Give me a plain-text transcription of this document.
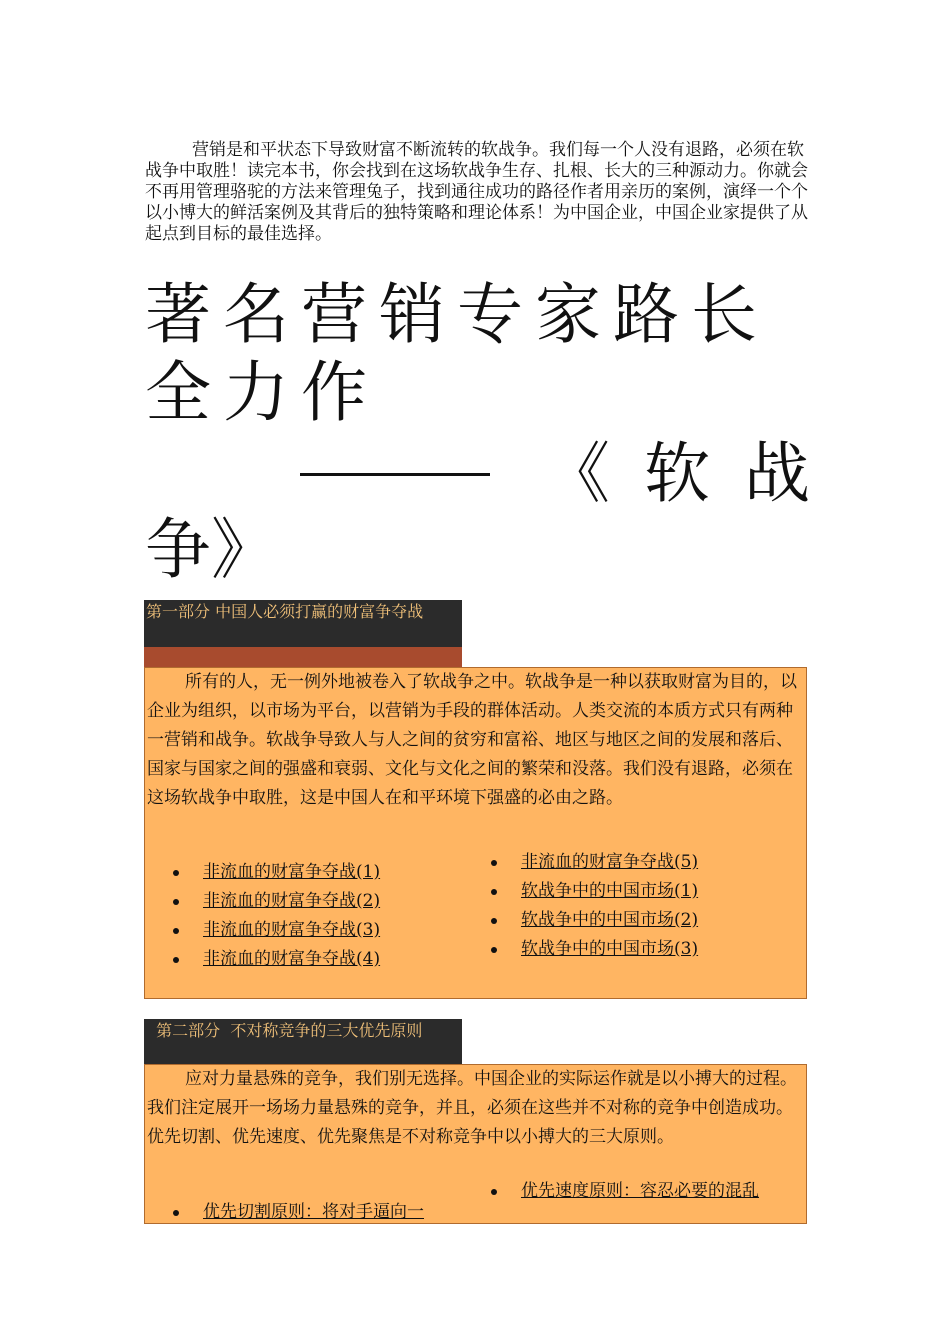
营销是和平状态下导致财富不断流转的软战争。我们每一个人没有退路，必须在软战争中取胜！读完本书，你会找到在这场软战争生存、扎根、长大的三种源动力。你就会不再用管理骆驼的方法来管理兔子，找到通往成功的路径作者用亲历的案例，演绎一个个以小博大的鲜活案例及其背后的独特策略和理论体系！为中国企业，中国企业家提供了从起点到目标的最佳选择。
著名营销专家路长全力作
《 软 战
争》
第一部分 中国人必须打赢的财富争夺战

所有的人，无一例外地被卷入了软战争之中。软战争是一种以获取财富为目的，以企业为组织，以市场为平台，以营销为手段的群体活动。人类交流的本质方式只有两种一营销和战争。软战争导致人与人之间的贫穷和富裕、地区与地区之间的发展和落后、国家与国家之间的强盛和衰弱、文化与文化之间的繁荣和没落。我们没有退路，必须在这场软战争中取胜，这是中国人在和平环境下强盛的必由之路。

非流血的财富争夺战(1)
非流血的财富争夺战(2)
非流血的财富争夺战(3)
非流血的财富争夺战(4)
非流血的财富争夺战(5)
软战争中的中国市场(1)
软战争中的中国市场(2)
软战争中的中国市场(3)
第二部分  不对称竞争的三大优先原则

应对力量悬殊的竞争，我们别无选择。中国企业的实际运作就是以小搏大的过程。我们注定展开一场场力量悬殊的竞争，并且，必须在这些并不对称的竞争中创造成功。优先切割、优先速度、优先聚焦是不对称竞争中以小搏大的三大原则。

优先切割原则：将对手逼向一
优先速度原则：容忍必要的混乱
